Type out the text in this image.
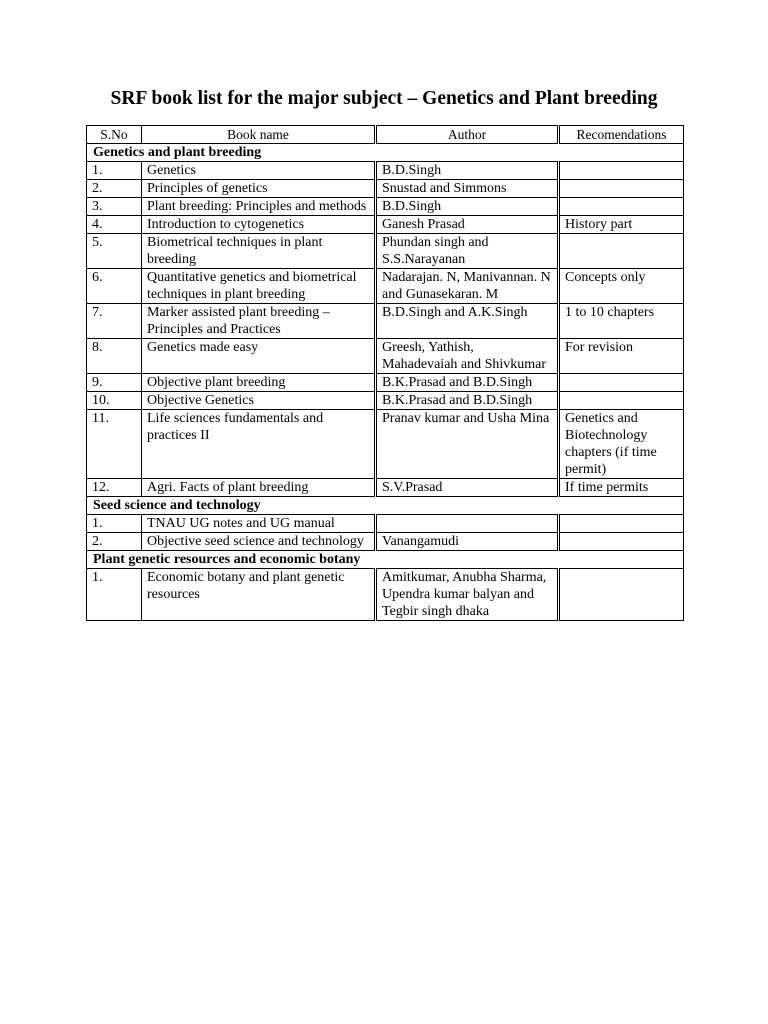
SRF book list for the major subject – Genetics and Plant breeding
S.No	Book name	Author	Recomendations
Genetics and plant breeding			
1.	Genetics	B.D.Singh	
2.	Principles of genetics	Snustad and Simmons	
3.	Plant breeding: Principles and methods	B.D.Singh	
4.	Introduction to cytogenetics	Ganesh Prasad	History part
5.	Biometrical techniques in plant breeding	Phundan singh and S.S.Narayanan	
6.	Quantitative genetics and biometrical techniques in plant breeding	Nadarajan. N, Manivannan. N and Gunasekaran. M	Concepts only
7.	Marker assisted plant breeding – Principles and Practices	B.D.Singh and A.K.Singh	1 to 10 chapters
8.	Genetics made easy	Greesh, Yathish, Mahadevaiah and Shivkumar	For revision
9.	Objective plant breeding	B.K.Prasad and B.D.Singh	
10.	Objective Genetics	B.K.Prasad and B.D.Singh	
11.	Life sciences fundamentals and practices II	Pranav kumar and Usha Mina	Genetics and Biotechnology chapters (if time permit)
12.	Agri. Facts of plant breeding	S.V.Prasad	If time permits
Seed science and technology			
1.	TNAU UG notes and UG manual		
2.	Objective seed science and technology	Vanangamudi	
Plant genetic resources and economic botany			
1.	Economic botany and plant genetic resources	Amitkumar, Anubha Sharma, Upendra kumar balyan and Tegbir singh dhaka	
